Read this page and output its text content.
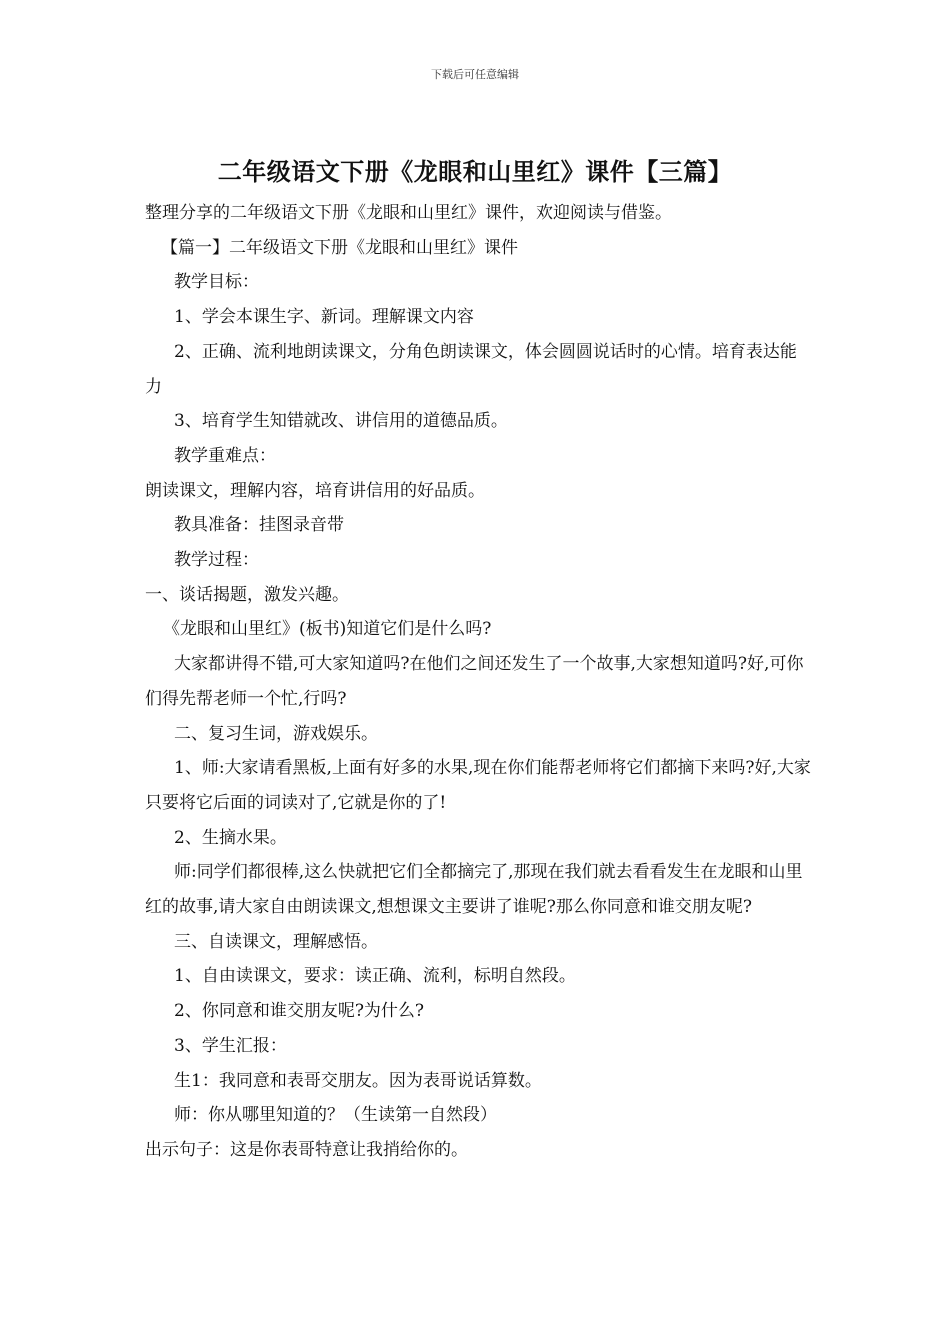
下载后可任意编辑
二年级语文下册《龙眼和山里红》课件【三篇】

整理分享的二年级语文下册《龙眼和山里红》课件，欢迎阅读与借鉴。

【篇一】二年级语文下册《龙眼和山里红》课件

教学目标：

1、学会本课生字、新词。理解课文内容

2、正确、流利地朗读课文，分角色朗读课文，体会圆圆说话时的心情。培育表达能力

3、培育学生知错就改、讲信用的道德品质。

教学重难点：

朗读课文，理解内容，培育讲信用的好品质。

教具准备：挂图录音带

教学过程：

一、谈话揭题，激发兴趣。

《龙眼和山里红》(板书)知道它们是什么吗?

大家都讲得不错,可大家知道吗?在他们之间还发生了一个故事,大家想知道吗?好,可你们得先帮老师一个忙,行吗?

二、复习生词，游戏娱乐。

1、师:大家请看黑板,上面有好多的水果,现在你们能帮老师将它们都摘下来吗?好,大家只要将它后面的词读对了,它就是你的了!

2、生摘水果。

师:同学们都很棒,这么快就把它们全都摘完了,那现在我们就去看看发生在龙眼和山里红的故事,请大家自由朗读课文,想想课文主要讲了谁呢?那么你同意和谁交朋友呢?

三、自读课文，理解感悟。

1、自由读课文，要求：读正确、流利，标明自然段。

2、你同意和谁交朋友呢?为什么?

3、学生汇报：

生1：我同意和表哥交朋友。因为表哥说话算数。

师：你从哪里知道的？（生读第一自然段）

出示句子：这是你表哥特意让我捎给你的。
